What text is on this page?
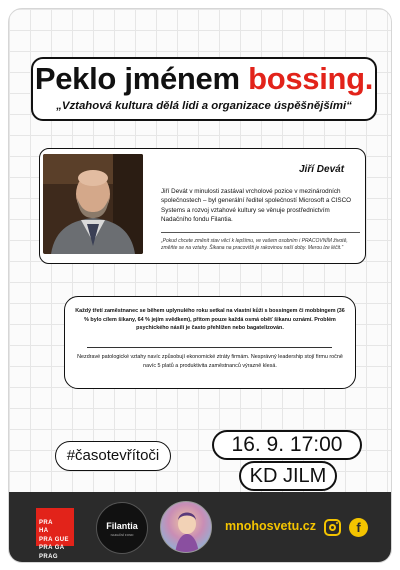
Peklo jménem bossing.
„Vztahová kultura dělá lidi a organizace úspěšnějšími“
Jiří Devát
Jiří Devát v minulosti zastával vrcholové pozice v mezinárodních společnostech – byl generální ředitel společností Microsoft a CISCO Systems a rozvoj vztahové kultury se věnuje prostřednictvím Nadačního fondu Filantia.
„Pokud chcete změnit stav věcí k lepšímu, ve vašem osobním i PRACOVNÍM životě, změňte se na vztahy. Šikana na pracovišti je rakovinou naší doby. Merou lze léčit.“
Každý třetí zaměstnanec se během uplynulého roku setkal na vlastní kůži s bossingem či mobbingem (36 % bylo cílem šikany, 64 % jejím svědkem), přitom pouze každá osmá oběť šikanu oznámí. Problém psychického násilí je často přehlížen nebo bagatelizován.
Nezdravé patologické vztahy navíc způsobují ekonomické ztráty firmám. Nesprávný leadership stojí firmu ročně navíc 5 platů a produktivita zaměstnanců výrazně klesá.
#časotevřítoči	16. 9. 17:00
KD JILM
PRA
HA
PRA GUE
PRA GA
PRAG
Filantia
NADAČNÍ FOND
mnohosvetu.cz	f
